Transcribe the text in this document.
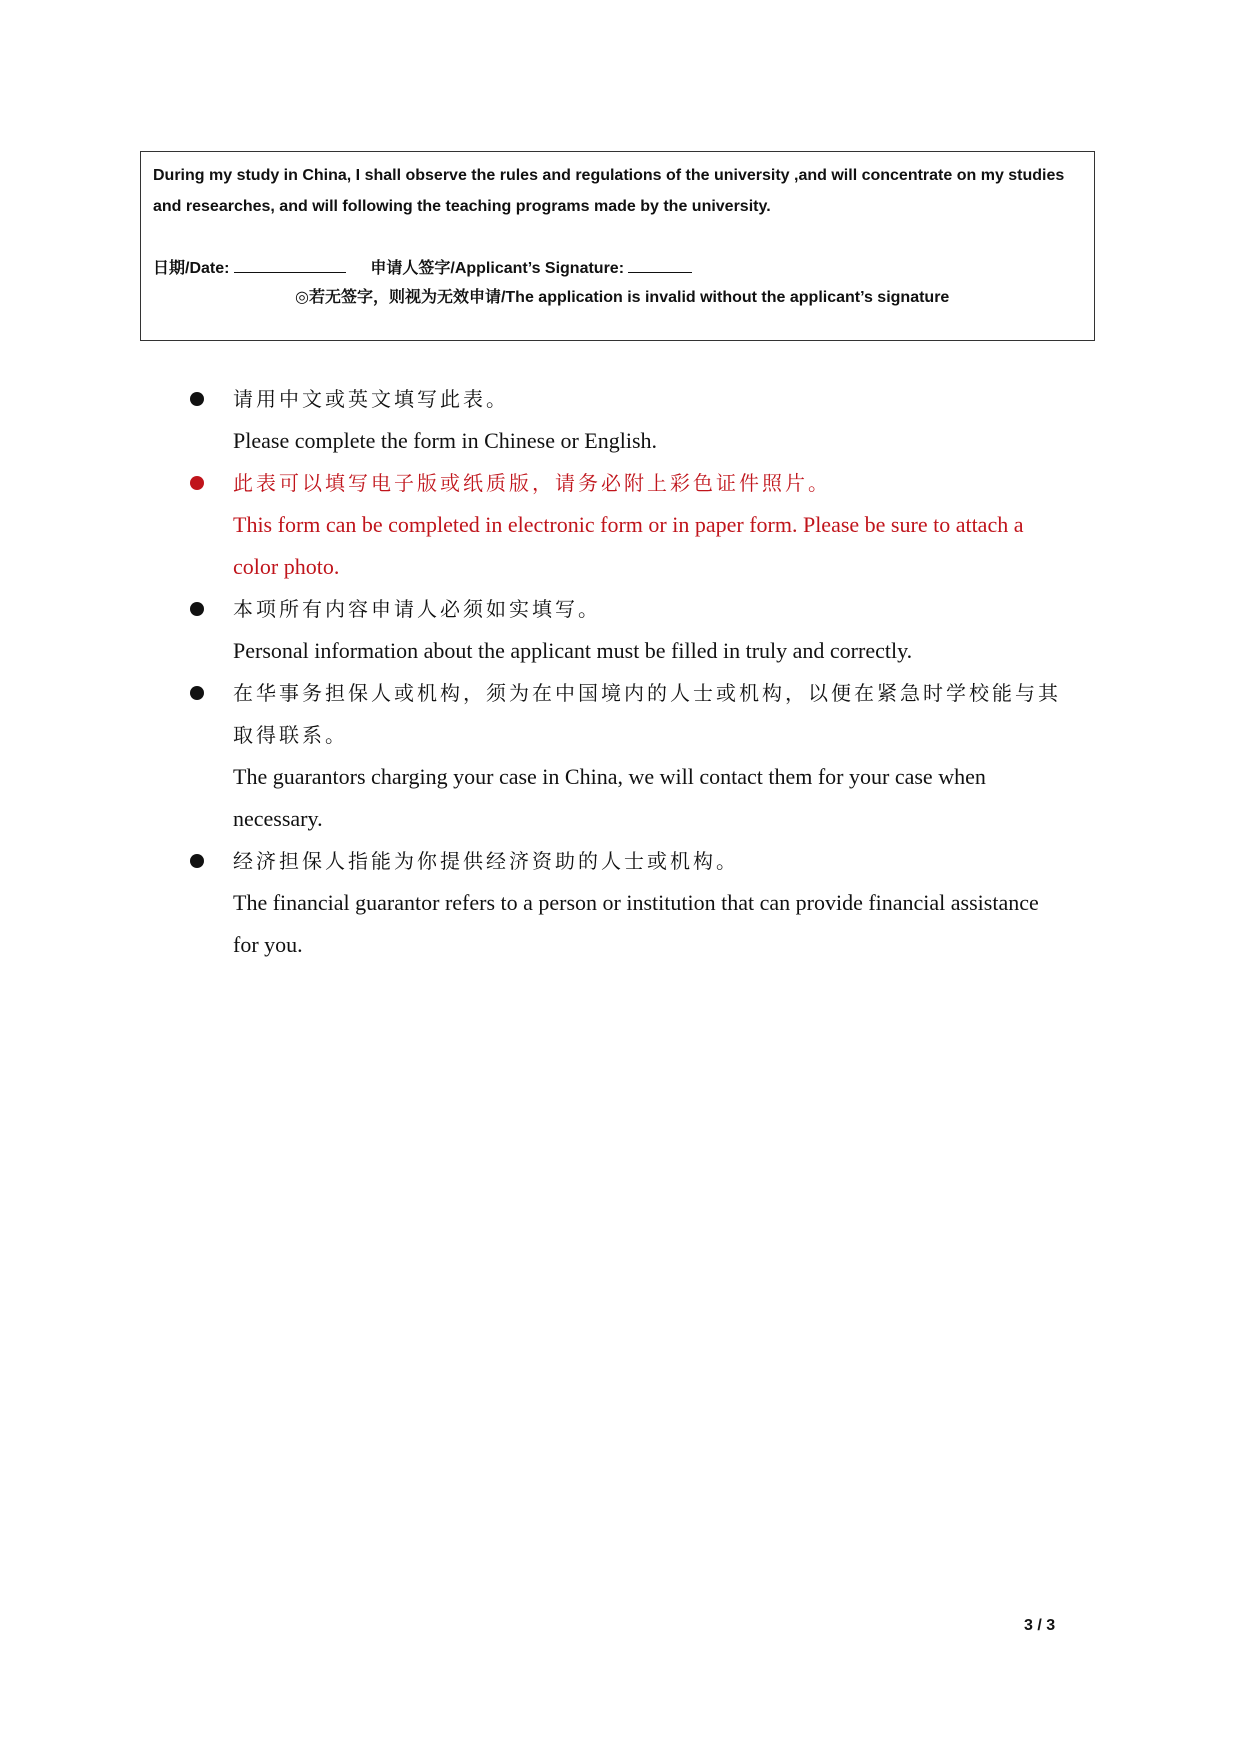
During my study in China, I shall observe the rules and regulations of the university ,and will concentrate on my studies and researches, and will following the teaching programs made by the university.

日期/Date:	申请人签字/Applicant’s Signature:
◎若无签字，则视为无效申请/The application is invalid without the applicant’s signature
请用中文或英文填写此表。
Please complete the form in Chinese or English.
此表可以填写电子版或纸质版，请务必附上彩色证件照片。
This form can be completed in electronic form or in paper form. Please be sure to attach a color photo.
本项所有内容申请人必须如实填写。
Personal information about the applicant must be filled in truly and correctly.
在华事务担保人或机构，须为在中国境内的人士或机构，以便在紧急时学校能与其取得联系。
The guarantors charging your case in China, we will contact them for your case when necessary.
经济担保人指能为你提供经济资助的人士或机构。
The financial guarantor refers to a person or institution that can provide financial assistance for you.
3 / 3
